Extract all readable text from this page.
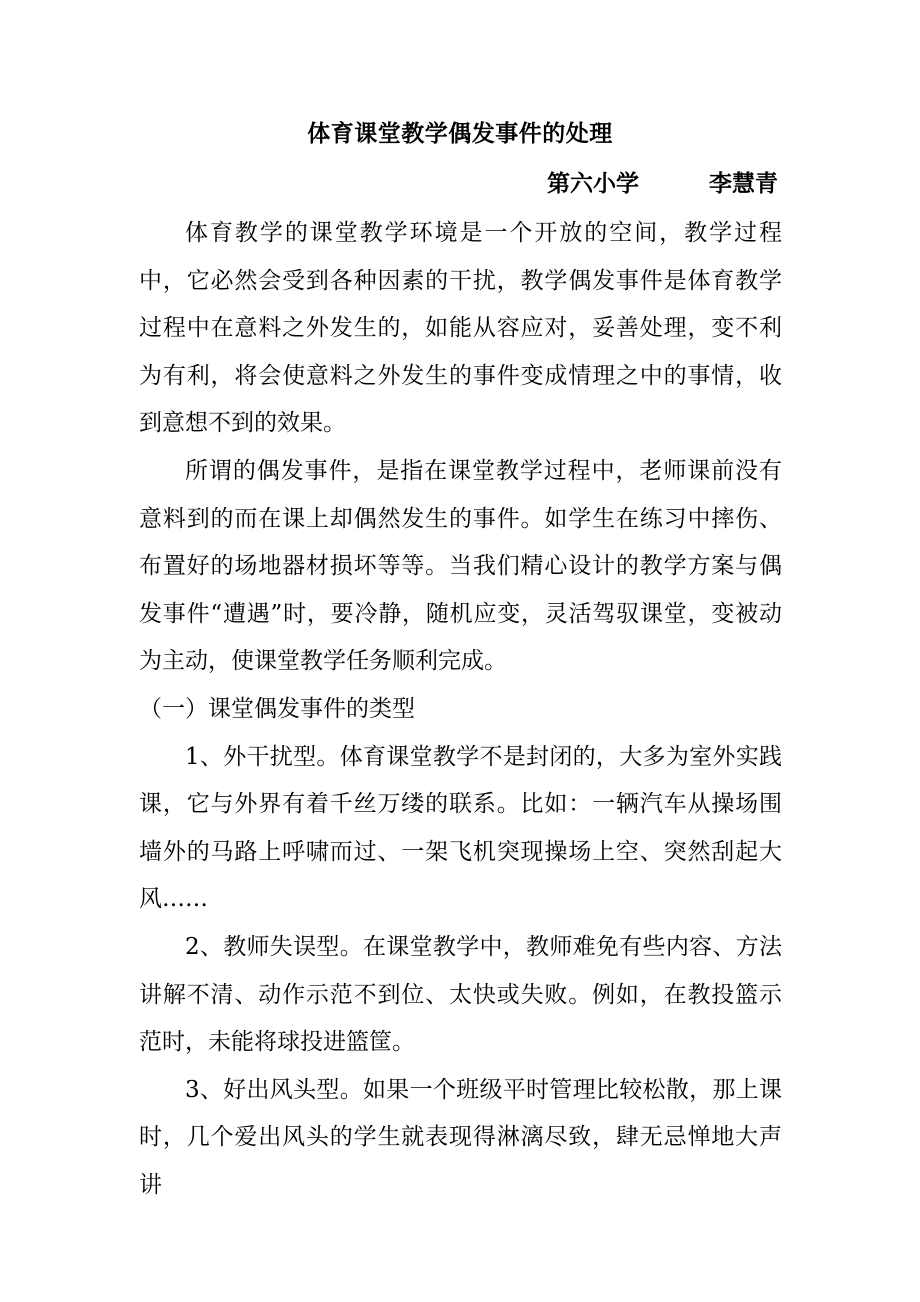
体育课堂教学偶发事件的处理
第六小学	李慧青

体育教学的课堂教学环境是一个开放的空间，教学过程中，它必然会受到各种因素的干扰，教学偶发事件是体育教学过程中在意料之外发生的，如能从容应对，妥善处理，变不利为有利，将会使意料之外发生的事件变成情理之中的事情，收到意想不到的效果。

所谓的偶发事件，是指在课堂教学过程中，老师课前没有意料到的而在课上却偶然发生的事件。如学生在练习中摔伤、布置好的场地器材损坏等等。当我们精心设计的教学方案与偶发事件“遭遇”时，要冷静，随机应变，灵活驾驭课堂，变被动为主动，使课堂教学任务顺利完成。

（一）课堂偶发事件的类型

1、外干扰型。体育课堂教学不是封闭的，大多为室外实践课，它与外界有着千丝万缕的联系。比如：一辆汽车从操场围墙外的马路上呼啸而过、一架飞机突现操场上空、突然刮起大风……

2、教师失误型。在课堂教学中，教师难免有些内容、方法讲解不清、动作示范不到位、太快或失败。例如，在教投篮示范时，未能将球投进篮筐。

3、好出风头型。如果一个班级平时管理比较松散，那上课时，几个爱出风头的学生就表现得淋漓尽致，肆无忌惮地大声讲
